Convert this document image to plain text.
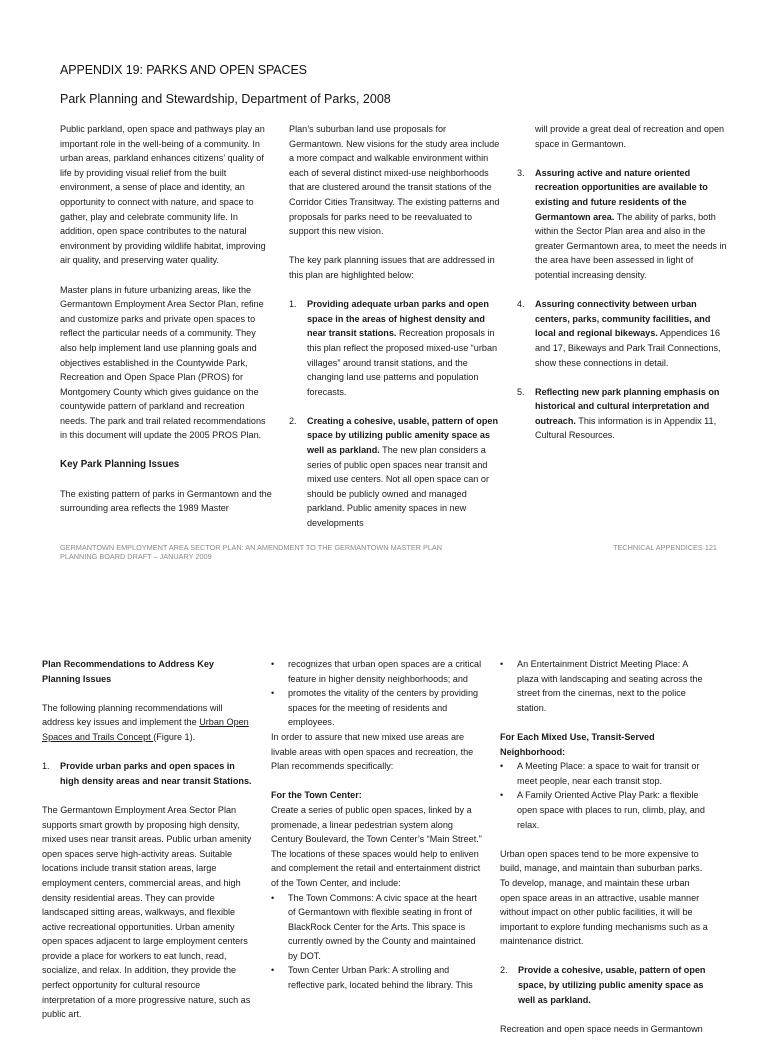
APPENDIX 19: PARKS AND OPEN SPACES
Park Planning and Stewardship, Department of Parks, 2008

Public parkland, open space and pathways play an important role in the well-being of a community. In urban areas, parkland enhances citizens’ quality of life by providing visual relief from the built environment, a sense of place and identity, an opportunity to connect with nature, and space to gather, play and celebrate community life. In addition, open space contributes to the natural environment by providing wildlife habitat, improving air quality, and preserving water quality.

Master plans in future urbanizing areas, like the Germantown Employment Area Sector Plan, refine and customize parks and private open spaces to reflect the particular needs of a community. They also help implement land use planning goals and objectives established in the Countywide Park, Recreation and Open Space Plan (PROS) for Montgomery County which gives guidance on the countywide pattern of parkland and recreation needs. The park and trail related recommendations in this document will update the 2005 PROS Plan.

Key Park Planning Issues

The existing pattern of parks in Germantown and the surrounding area reflects the 1989 Master

Plan’s suburban land use proposals for Germantown. New visions for the study area include a more compact and walkable environment within each of several distinct mixed-use neighborhoods that are clustered around the transit stations of the Corridor Cities Transitway. The existing patterns and proposals for parks need to be reevaluated to support this new vision.

The key park planning issues that are addressed in this plan are highlighted below:

1.	Providing adequate urban parks and open space in the areas of highest density and near transit stations. Recreation proposals in this plan reflect the proposed mixed-use “urban villages” around transit stations, and the changing land use patterns and population forecasts.
2.	Creating a cohesive, usable, pattern of open space by utilizing public amenity space as well as parkland. The new plan considers a series of public open spaces near transit and mixed use centers. Not all open space can or should be publicly owned and managed parkland. Public amenity spaces in new developments

will provide a great deal of recreation and open space in Germantown.

3.	Assuring active and nature oriented recreation opportunities are available to existing and future residents of the Germantown area. The ability of parks, both within the Sector Plan area and also in the greater Germantown area, to meet the needs in the area have been assessed in light of potential increasing density.
4.	Assuring connectivity between urban centers, parks, community facilities, and local and regional bikeways. Appendices 16 and 17, Bikeways and Park Trail Connections, show these connections in detail.
5.	Reflecting new park planning emphasis on historical and cultural interpretation and outreach. This information is in Appendix 11, Cultural Resources.
GERMANTOWN EMPLOYMENT AREA SECTOR PLAN: AN AMENDMENT TO THE GERMANTOWN MASTER PLAN
PLANNING BOARD DRAFT – JANUARY 2009
TECHNICAL APPENDICES 121
Plan Recommendations to Address Key Planning Issues

The following planning recommendations will address key issues and implement the Urban Open Spaces and Trails Concept (Figure 1).

1.	Provide urban parks and open spaces in high density areas and near transit Stations.

The Germantown Employment Area Sector Plan supports smart growth by proposing high density, mixed uses near transit areas. Public urban amenity open spaces serve high-activity areas. Suitable locations include transit station areas, large employment centers, commercial areas, and high density residential areas. They can provide landscaped sitting areas, walkways, and flexible active recreational opportunities. Urban amenity open spaces adjacent to large employment centers provide a place for workers to eat lunch, read, socialize, and relax. In addition, they provide the perfect opportunity for cultural resource interpretation of a more progressive nature, such as public art.

•	recognizes that urban open spaces are a critical feature in higher density neighborhoods; and
•	promotes the vitality of the centers by providing spaces for the meeting of residents and employees.

In order to assure that new mixed use areas are livable areas with open spaces and recreation, the Plan recommends specifically:

For the Town Center:

Create a series of public open spaces, linked by a promenade, a linear pedestrian system along Century Boulevard, the Town Center’s “Main Street.” The locations of these spaces would help to enliven and complement the retail and entertainment district of the Town Center, and include:

•	The Town Commons: A civic space at the heart of Germantown with flexible seating in front of BlackRock Center for the Arts. This space is currently owned by the County and maintained by DOT.
•	Town Center Urban Park: A strolling and reflective park, located behind the library. This
•	An Entertainment District Meeting Place: A plaza with landscaping and seating across the street from the cinemas, next to the police station.
For Each Mixed Use, Transit-Served Neighborhood:
•	A Meeting Place: a space to wait for transit or meet people, near each transit stop.
•	A Family Oriented Active Play Park: a flexible open space with places to run, climb, play, and relax.

Urban open spaces tend to be more expensive to build, manage, and maintain than suburban parks. To develop, manage, and maintain these urban open space areas in an attractive, usable manner without impact on other public facilities, it will be important to explore funding mechanisms such as a maintenance district.

2.	Provide a cohesive, usable, pattern of open space, by utilizing public amenity space as well as parkland.

Recreation and open space needs in Germantown
